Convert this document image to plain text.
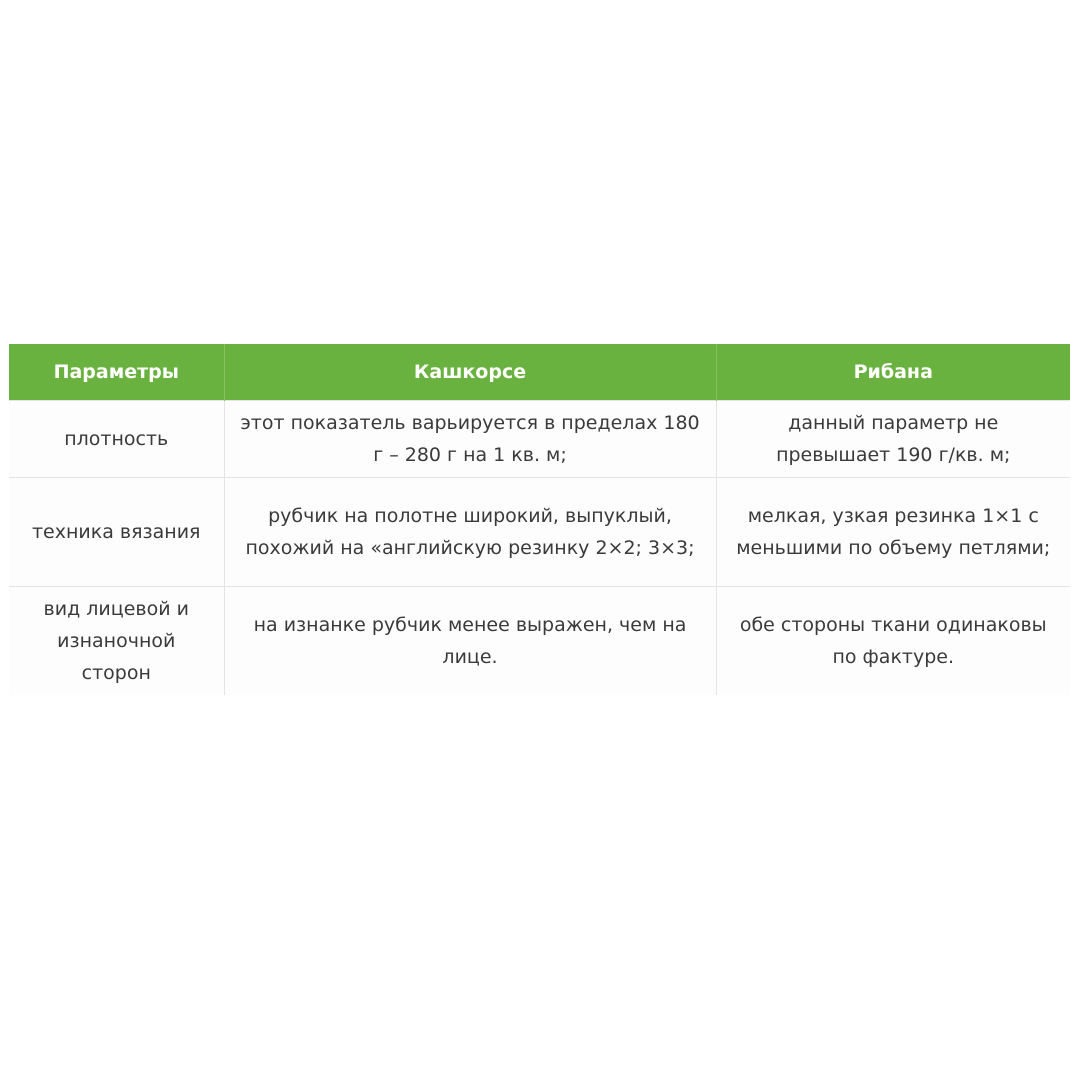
Параметры	Кашкорсе	Рибана
плотность	этот показатель варьируется в пределах 180 г – 280 г на 1 кв. м;	данный параметр не превышает 190 г/кв. м;
техника вязания	рубчик на полотне широкий, выпуклый, похожий на «английскую резинку 2×2; 3×3;	мелкая, узкая резинка 1×1 с меньшими по объему петлями;
вид лицевой и изнаночной сторон	на изнанке рубчик менее выражен, чем на лице.	обе стороны ткани одинаковы по фактуре.
